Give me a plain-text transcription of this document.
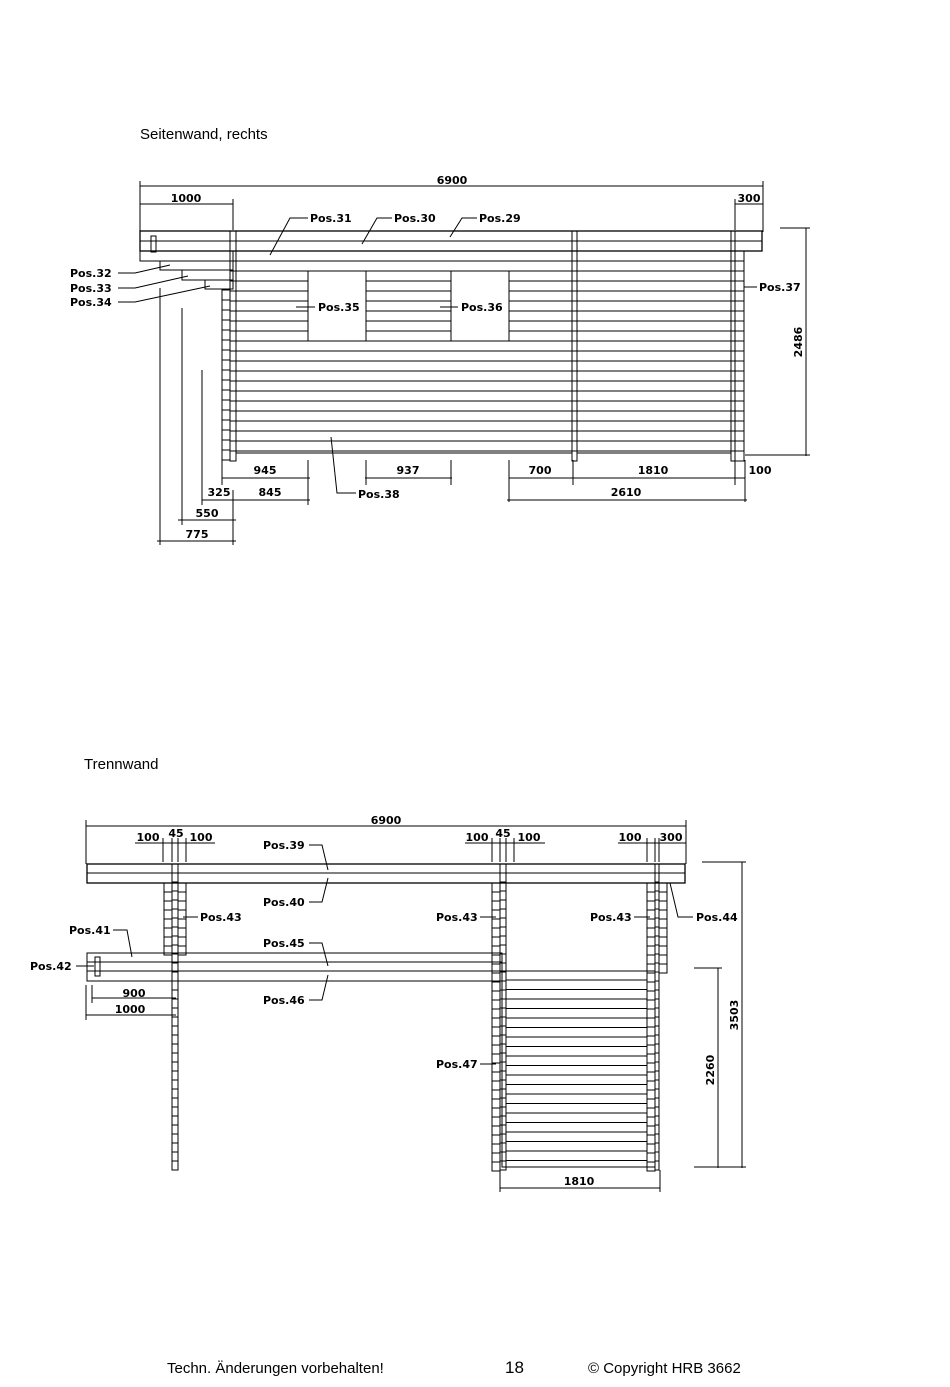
Seitenwand, rechts
Trennwand
6900
1000	300
2486
945	937	700	1810	100
325	845	2610
550
775
Pos.31	Pos.30	Pos.29
Pos.32
Pos.33
Pos.34	Pos.35	Pos.36
Pos.37
Pos.38
6900
100 45 100	100 45 100	100 300
3503
2260
1810
900
1000
Pos.39
Pos.40
Pos.45
Pos.46
Pos.41
Pos.42
Pos.43	Pos.43	Pos.43	Pos.44
Pos.47
Techn. Änderungen vorbehalten!	18	© Copyright HRB 3662
